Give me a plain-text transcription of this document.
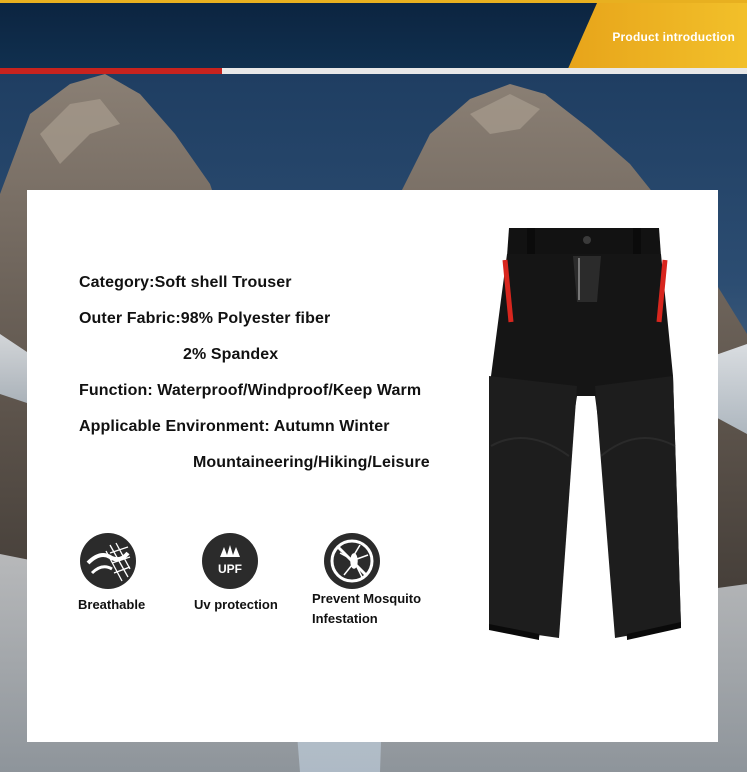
Product introduction
Category:Soft shell Trouser
Outer Fabric:98% Polyester fiber
2% Spandex
Function: Waterproof/Windproof/Keep Warm
Applicable Environment: Autumn Winter
Mountaineering/Hiking/Leisure
Breathable
UPF
Uv protection	Prevent Mosquito
Infestation
